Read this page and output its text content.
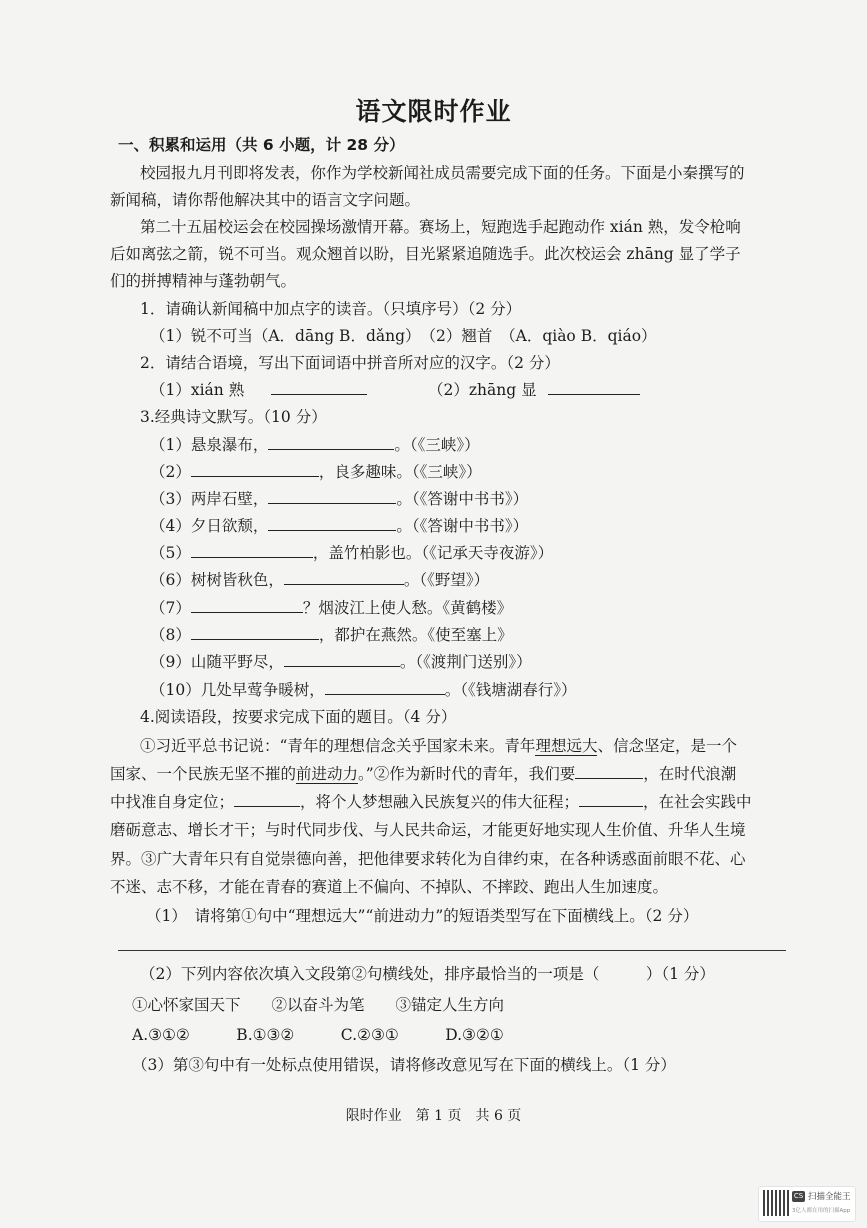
语文限时作业
一、积累和运用（共 6 小题，计 28 分）
校园报九月刊即将发表，你作为学校新闻社成员需要完成下面的任务。下面是小秦撰写的
新闻稿，请你帮他解决其中的语言文字问题。
第二十五届校运会在校园操场激情开幕。赛场上，短跑选手起跑动作 xián 熟，发令枪响
后如离弦之箭，锐不可当。观众翘首以盼，目光紧紧追随选手。此次校运会 zhāng 显了学子
们的拼搏精神与蓬勃朝气。
1．请确认新闻稿中加点字的读音。（只填序号）（2 分）
（1）锐不可当（A．dāng B．dǎng）　（2）翘首　（A．qiào B．qiáo）
2．请结合语境，写出下面词语中拼音所对应的汉字。（2 分）
（1）xián 熟	（2）zhāng 显
3.经典诗文默写。（10 分）
（1）悬泉瀑布，	。（《三峡》）
（2）	，良多趣味。（《三峡》）
（3）两岸石壁，	。（《答谢中书书》）
（4）夕日欲颓，	。（《答谢中书书》）
（5）	，盖竹柏影也。（《记承天寺夜游》）
（6）树树皆秋色，	。（《野望》）
（7）	？烟波江上使人愁。《黄鹤楼》
（8）	，都护在燕然。《使至塞上》
（9）山随平野尽，	。（《渡荆门送别》）
（10）几处早莺争暖树，	。（《钱塘湖春行》）
4.阅读语段，按要求完成下面的题目。（4 分）
①习近平总书记说：“青年的理想信念关乎国家未来。青年理想远大、信念坚定，是一个
国家、一个民族无坚不摧的前进动力。”②作为新时代的青年，我们要	，在时代浪潮
中找准自身定位；	，将个人梦想融入民族复兴的伟大征程；	，在社会实践中
磨砺意志、增长才干；与时代同步伐、与人民共命运，才能更好地实现人生价值、升华人生境
界。③广大青年只有自觉崇德向善，把他律要求转化为自律约束，在各种诱惑面前眼不花、心
不迷、志不移，才能在青春的赛道上不偏向、不掉队、不摔跤、跑出人生加速度。
（1）　请将第①句中“理想远大”“前进动力”的短语类型写在下面横线上。（2 分）
（2）下列内容依次填入文段第②句横线处，排序最恰当的一项是（　　　）（1 分）
①心怀家国天下　　②以奋斗为笔　　③锚定人生方向
A.③①②　　　B.①③②　　　C.②③①　　　D.③②①
（3）第③句中有一处标点使用错误，请将修改意见写在下面的横线上。（1 分）
限时作业　第 1 页　共 6 页
CS 扫描全能王
3亿人都在用的扫描App
